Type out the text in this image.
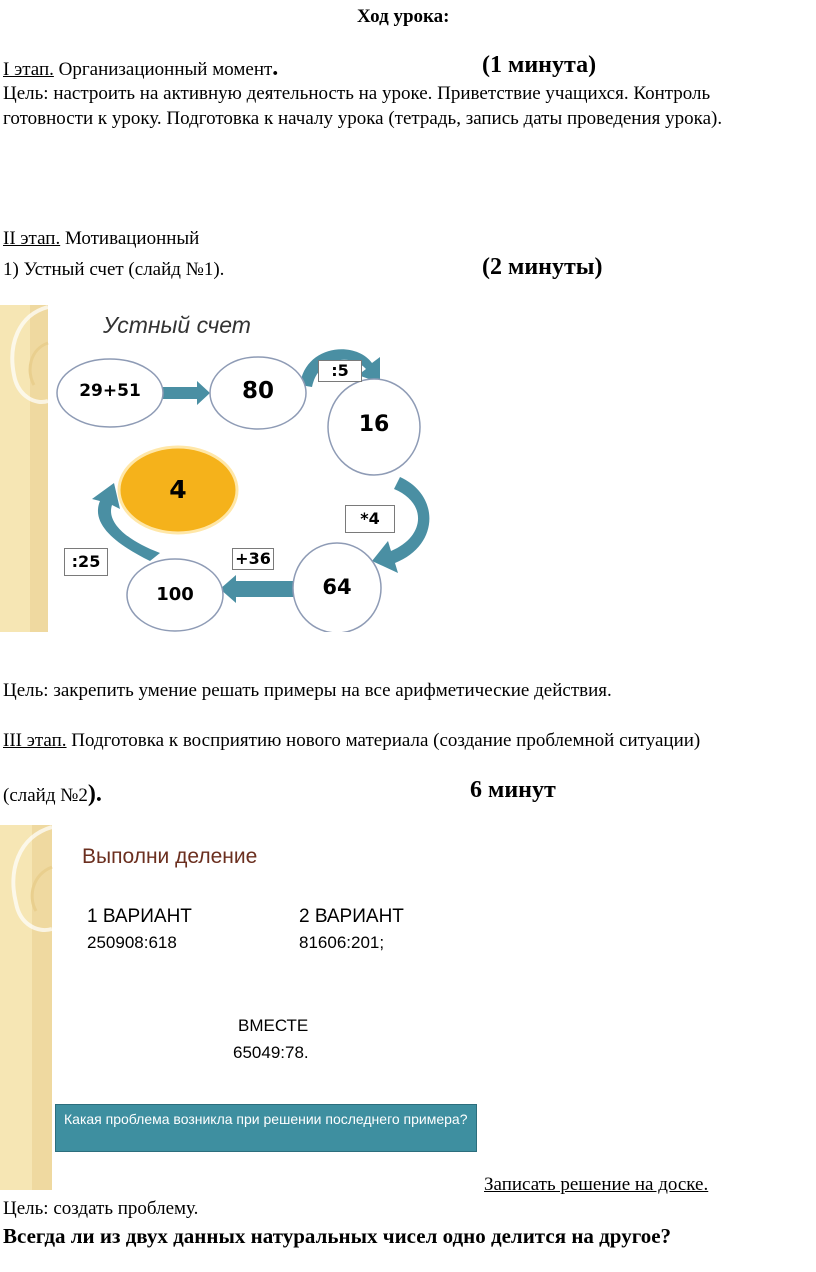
Ход урока:
I этап. Организационный момент.	(1 минута)
Цель: настроить на активную деятельность на уроке. Приветствие учащихся. Контроль
готовности к уроку. Подготовка к началу урока (тетрадь, запись даты проведения урока).
II этап. Мотивационный
1) Устный счет (слайд №1).	(2 минуты)
Устный счет
29+51	80
16
64
100
4
:5
*4
+36
:25
Цель: закрепить умение решать примеры на все арифметические действия.
III этап. Подготовка к восприятию нового материала (создание проблемной ситуации)
(слайд №2).	6 минут
Выполни деление
1 ВАРИАНТ
250908:618
2 ВАРИАНТ
81606:201;
ВМЕСТЕ
65049:78.
Какая проблема возникла при решении последнего примера?
Записать решение на доске.
Цель: создать проблему.
Всегда ли из двух данных натуральных чисел одно делится на другое?
